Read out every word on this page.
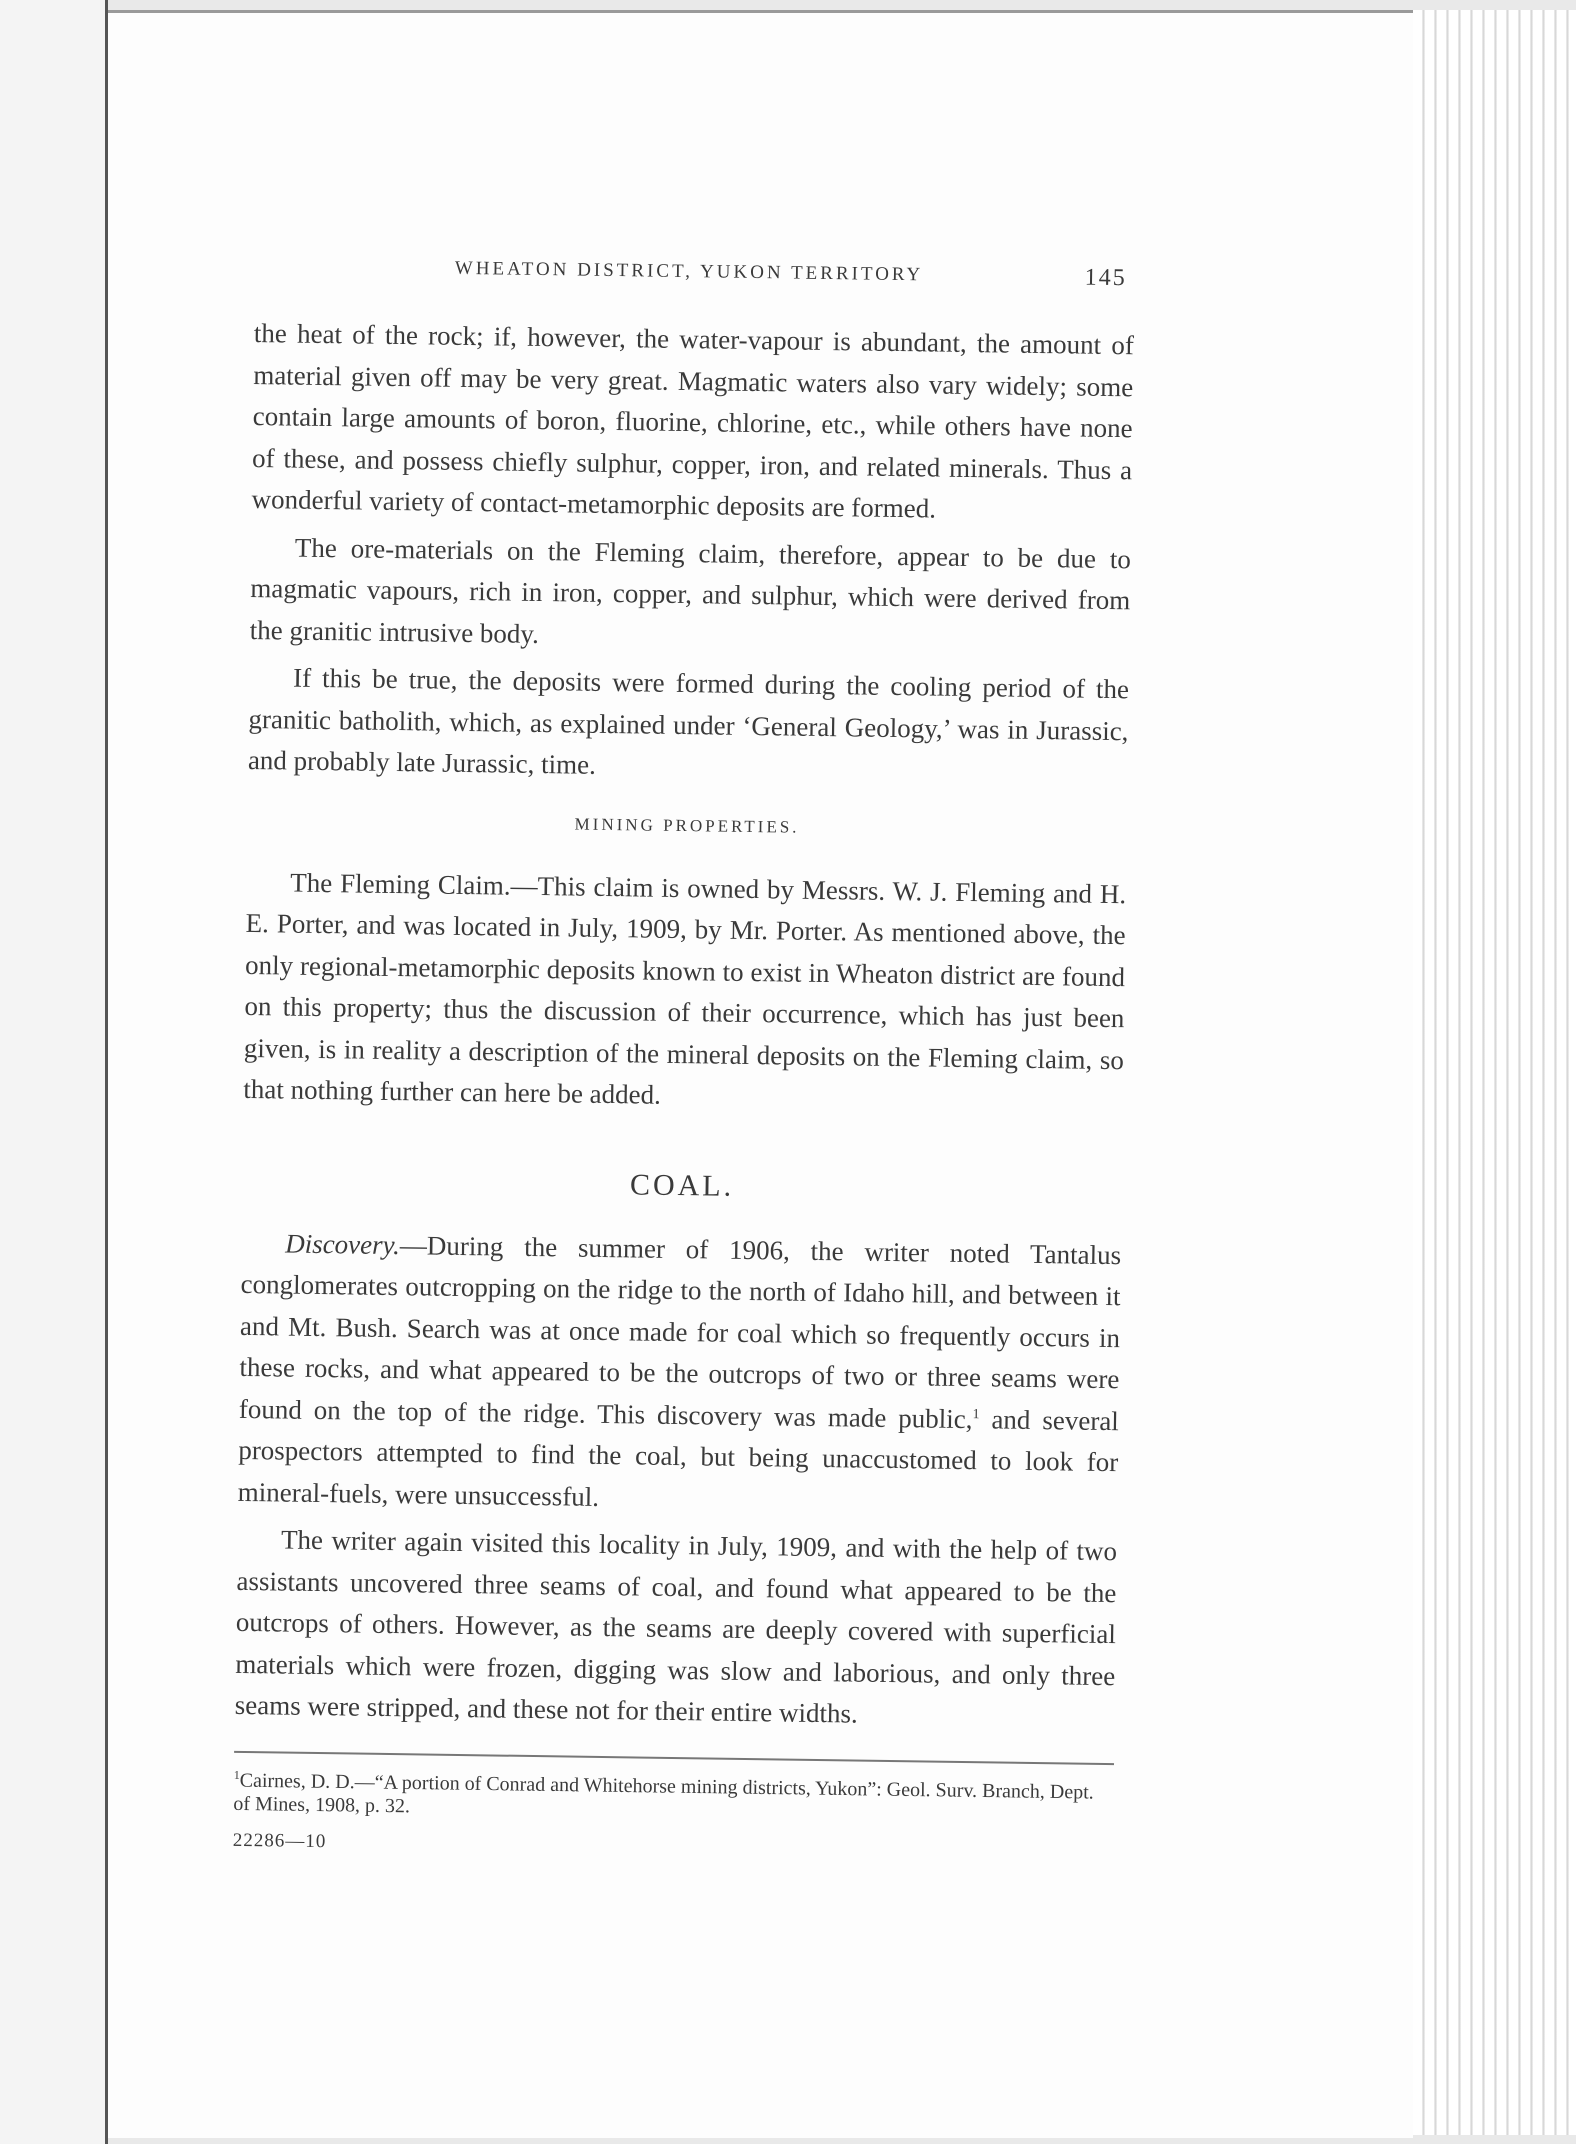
WHEATON DISTRICT, YUKON TERRITORY	145

the heat of the rock; if, however, the water-vapour is abundant, the amount of material given off may be very great. Magmatic waters also vary widely; some contain large amounts of boron, fluorine, chlorine, etc., while others have none of these, and possess chiefly sulphur, copper, iron, and related minerals. Thus a wonderful variety of contact-metamorphic deposits are formed.

The ore-materials on the Fleming claim, therefore, appear to be due to magmatic vapours, rich in iron, copper, and sulphur, which were derived from the granitic intrusive body.

If this be true, the deposits were formed during the cooling period of the granitic batholith, which, as explained under ‘General Geology,’ was in Jurassic, and probably late Jurassic, time.

MINING PROPERTIES.

The Fleming Claim.—This claim is owned by Messrs. W. J. Fleming and H. E. Porter, and was located in July, 1909, by Mr. Porter. As mentioned above, the only regional-metamorphic deposits known to exist in Wheaton district are found on this property; thus the discussion of their occurrence, which has just been given, is in reality a description of the mineral deposits on the Fleming claim, so that nothing further can here be added.

COAL.

Discovery.—During the summer of 1906, the writer noted Tantalus conglomerates outcropping on the ridge to the north of Idaho hill, and between it and Mt. Bush. Search was at once made for coal which so frequently occurs in these rocks, and what appeared to be the outcrops of two or three seams were found on the top of the ridge. This discovery was made public,$^1$ and several prospectors attempted to find the coal, but being unaccustomed to look for mineral-fuels, were unsuccessful.

The writer again visited this locality in July, 1909, and with the help of two assistants uncovered three seams of coal, and found what appeared to be the outcrops of others. However, as the seams are deeply covered with superficial materials which were frozen, digging was slow and laborious, and only three seams were stripped, and these not for their entire widths.

$^1$Cairnes, D. D.—“A portion of Conrad and Whitehorse mining districts, Yukon”: Geol. Surv. Branch, Dept. of Mines, 1908, p. 32.
22286—10
